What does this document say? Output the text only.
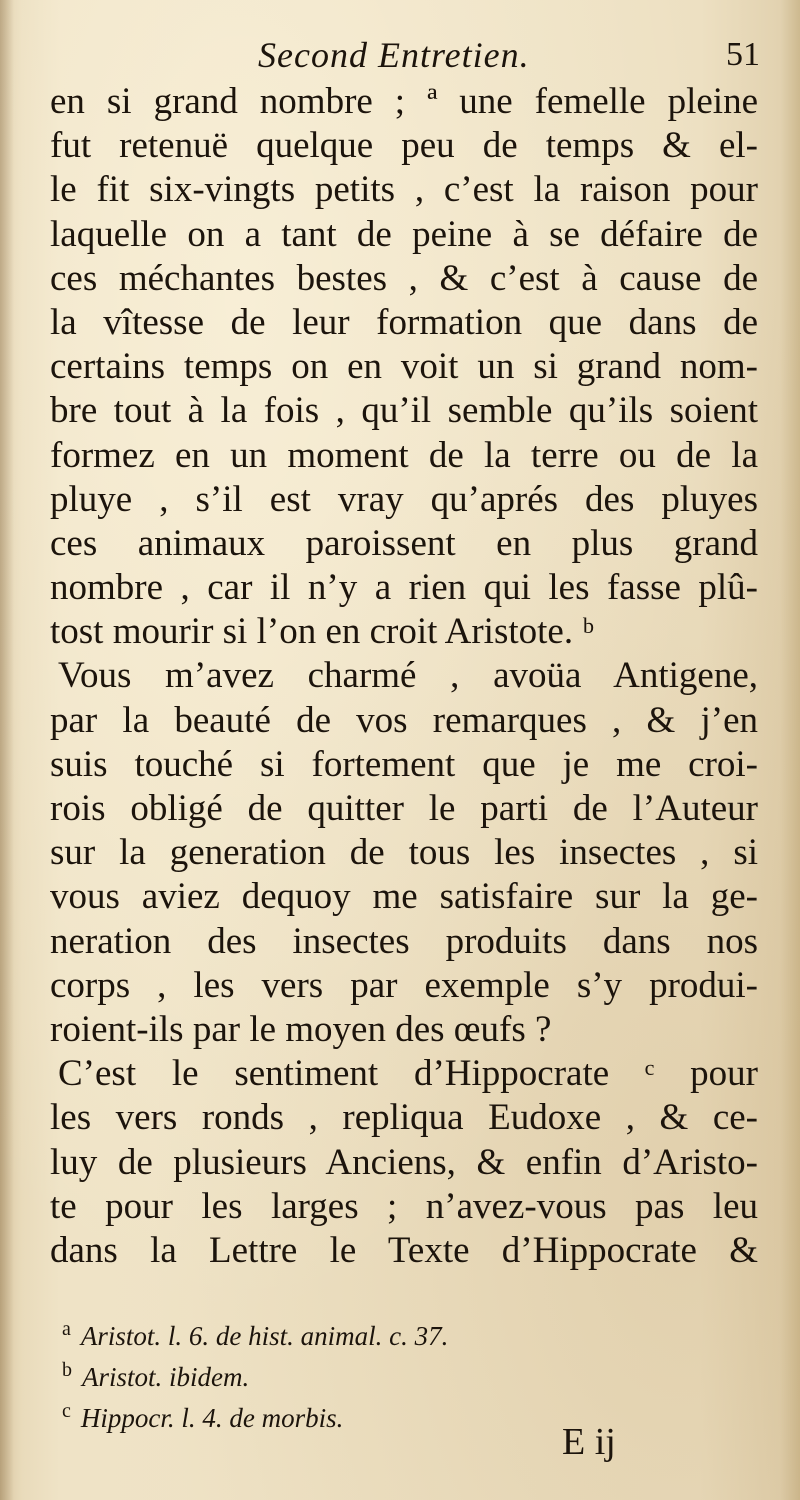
Second Entretien.	51
en si grand nombre ; ª une femelle pleine
fut retenuë quelque peu de temps & el-
le fit six-vingts petits , c’est la raison pour
laquelle on a tant de peine à se défaire de
ces méchantes bestes , & c’est à cause de
la vîtesse de leur formation que dans de
certains temps on en voit un si grand nom-
bre tout à la fois , qu’il semble qu’ils soient
formez en un moment de la terre ou de la
pluye , s’il est vray qu’aprés des pluyes
ces animaux paroissent en plus grand
nombre , car il n’y a rien qui les fasse plû-
tost mourir si l’on en croit Aristote. ᵇ
Vous m’avez charmé , avoüa Antigene,
par la beauté de vos remarques , & j’en
suis touché si fortement que je me croi-
rois obligé de quitter le parti de l’Auteur
sur la generation de tous les insectes , si
vous aviez dequoy me satisfaire sur la ge-
neration des insectes produits dans nos
corps , les vers par exemple s’y produi-
roient-ils par le moyen des œufs ?
C’est le sentiment d’Hippocrate ᶜ pour
les vers ronds , repliqua Eudoxe , & ce-
luy de plusieurs Anciens, & enfin d’Aristo-
te pour les larges ; n’avez-vous pas leu
dans la Lettre le Texte d’Hippocrate &
$^a$ Aristot. l. 6. de hist. animal. c. 37.
$^b$ Aristot. ibidem.
$^c$ Hippocr. l. 4. de morbis.
E ij
